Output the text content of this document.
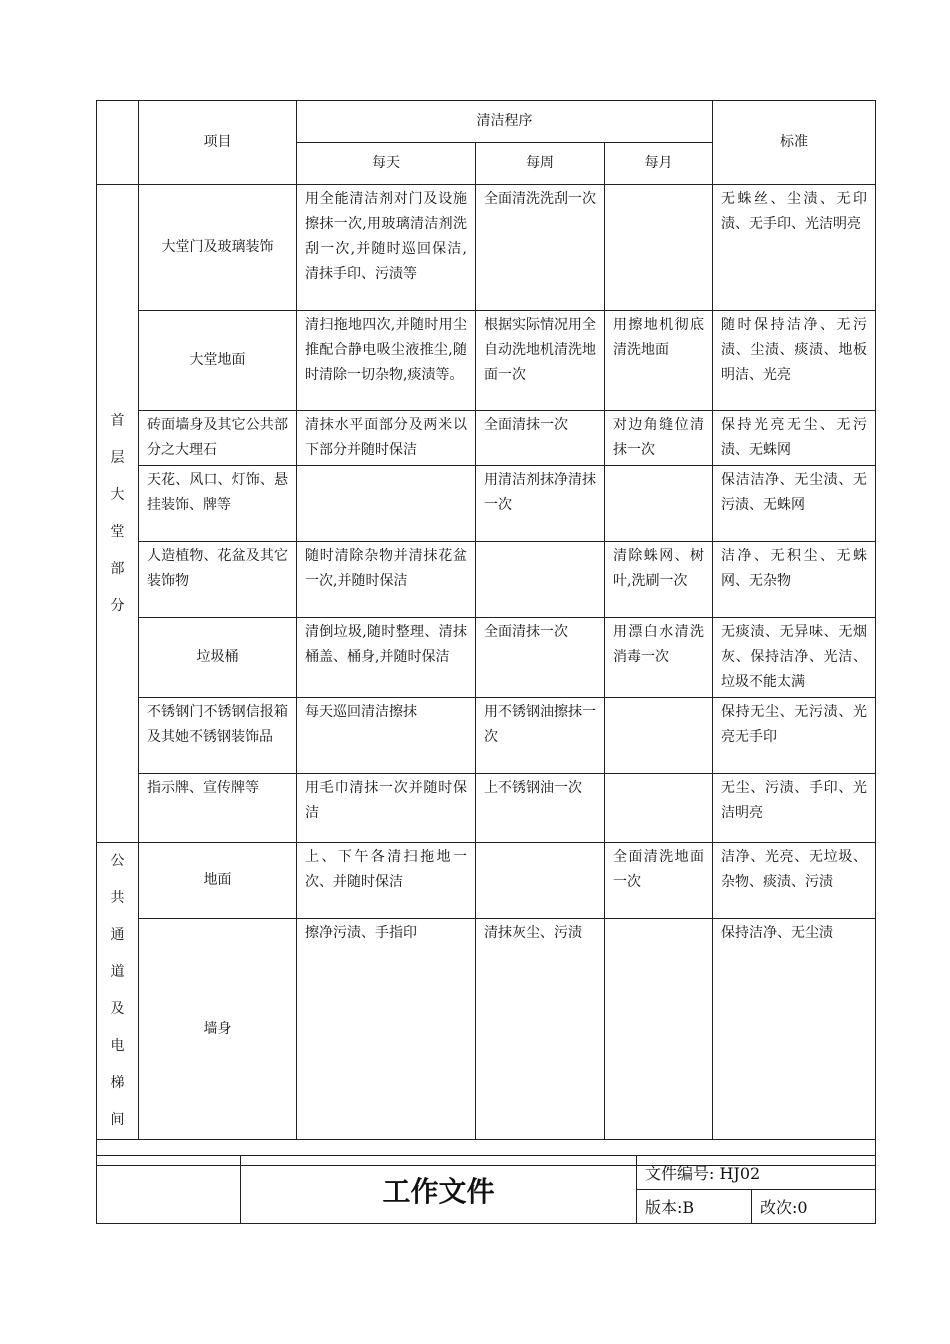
	项目	清洁程序			标准
		每天	每周	每月	
首层大堂部分	大堂门及玻璃装饰	用全能清洁剂对门及设施擦抹一次,用玻璃清洁剂洗刮一次,并随时巡回保洁,清抹手印、污渍等	全面清洗洗刮一次		无蛛丝、尘渍、无印渍、无手印、光洁明亮
	大堂地面	清扫拖地四次,并随时用尘推配合静电吸尘液推尘,随时清除一切杂物,痰渍等。	根据实际情况用全自动洗地机清洗地面一次	用擦地机彻底清洗地面	随时保持洁净、无污渍、尘渍、痰渍、地板明洁、光亮
	砖面墙身及其它公共部分之大理石	清抹水平面部分及两米以下部分并随时保洁	全面清抹一次	对边角缝位清抹一次	保持光亮无尘、无污渍、无蛛网
	天花、风口、灯饰、悬挂装饰、牌等		用清洁剂抹净清抹一次		保洁洁净、无尘渍、无污渍、无蛛网
	人造植物、花盆及其它装饰物	随时清除杂物并清抹花盆一次,并随时保洁		清除蛛网、树叶,洗刷一次	洁净、无积尘、无蛛网、无杂物
	垃圾桶	清倒垃圾,随时整理、清抹桶盖、桶身,并随时保洁	全面清抹一次	用漂白水清洗消毒一次	无痰渍、无异味、无烟灰、保持洁净、光洁、垃圾不能太满
	不锈钢门不锈钢信报箱及其她不锈钢装饰品	每天巡回清洁擦抹	用不锈钢油擦抹一次		保持无尘、无污渍、光亮无手印
	指示牌、宣传牌等	用毛巾清抹一次并随时保洁	上不锈钢油一次		无尘、污渍、手印、光洁明亮
公共通道及电梯间	地面	上、下午各清扫拖地一次、并随时保洁		全面清洗地面一次	洁净、光亮、无垃圾、杂物、痰渍、污渍
	墙身	擦净污渍、手指印	清抹灰尘、污渍		保持洁净、无尘渍

	工作文件	文件编号: HJ02	
		版本:B	改次:0
